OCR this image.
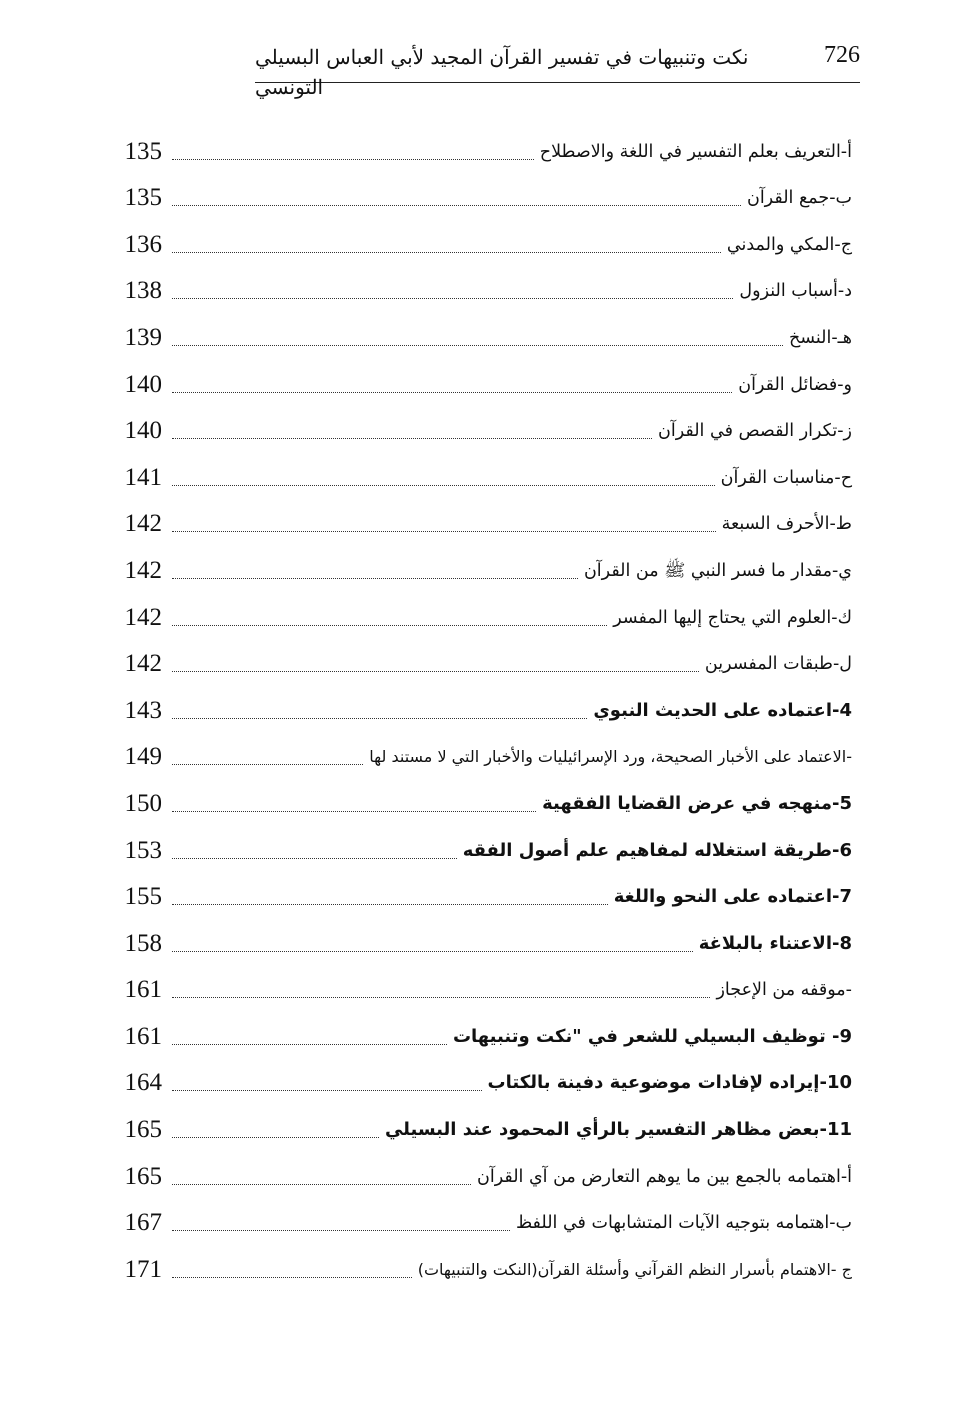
726
نكت وتنبيهات في تفسير القرآن المجيد لأبي العباس البسيلي التونسي
135	أ-التعريف بعلم التفسير في اللغة والاصطلاح
135	ب-جمع القرآن
136	ج-المكي والمدني
138	د-أسباب النزول
139	هـ-النسخ
140	و-فضائل القرآن
140	ز-تكرار القصص في القرآن
141	ح-مناسبات القرآن
142	ط-الأحرف السبعة
142	ي-مقدار ما فسر النبي ﷺ من القرآن
142	ك-العلوم التي يحتاج إليها المفسر
142	ل-طبقات المفسرين
143	4-اعتماده على الحديث النبوي
149	-الاعتماد على الأخبار الصحيحة، ورد الإسرائيليات والأخبار التي لا مستند لها
150	5-منهجه في عرض القضايا الفقهية
153	6-طريقة استغلاله لمفاهيم علم أصول الفقه
155	7-اعتماده على النحو واللغة
158	8-الاعتناء بالبلاغة
161	-موقفه من الإعجاز
161	9- توظيف البسيلي للشعر في "نكت وتنبيهات
164	10-إيراده لإفادات موضوعية دفينة بالكتاب
165	11-بعض مظاهر التفسير بالرأي المحمود عند البسيلي
165	أ-اهتمامه بالجمع بين ما يوهم التعارض من آي القرآن
167	ب-اهتمامه بتوجيه الآيات المتشابهات في اللفظ
171	ج -الاهتمام بأسرار النظم القرآني وأسئلة القرآن(النكت والتنبيهات)
